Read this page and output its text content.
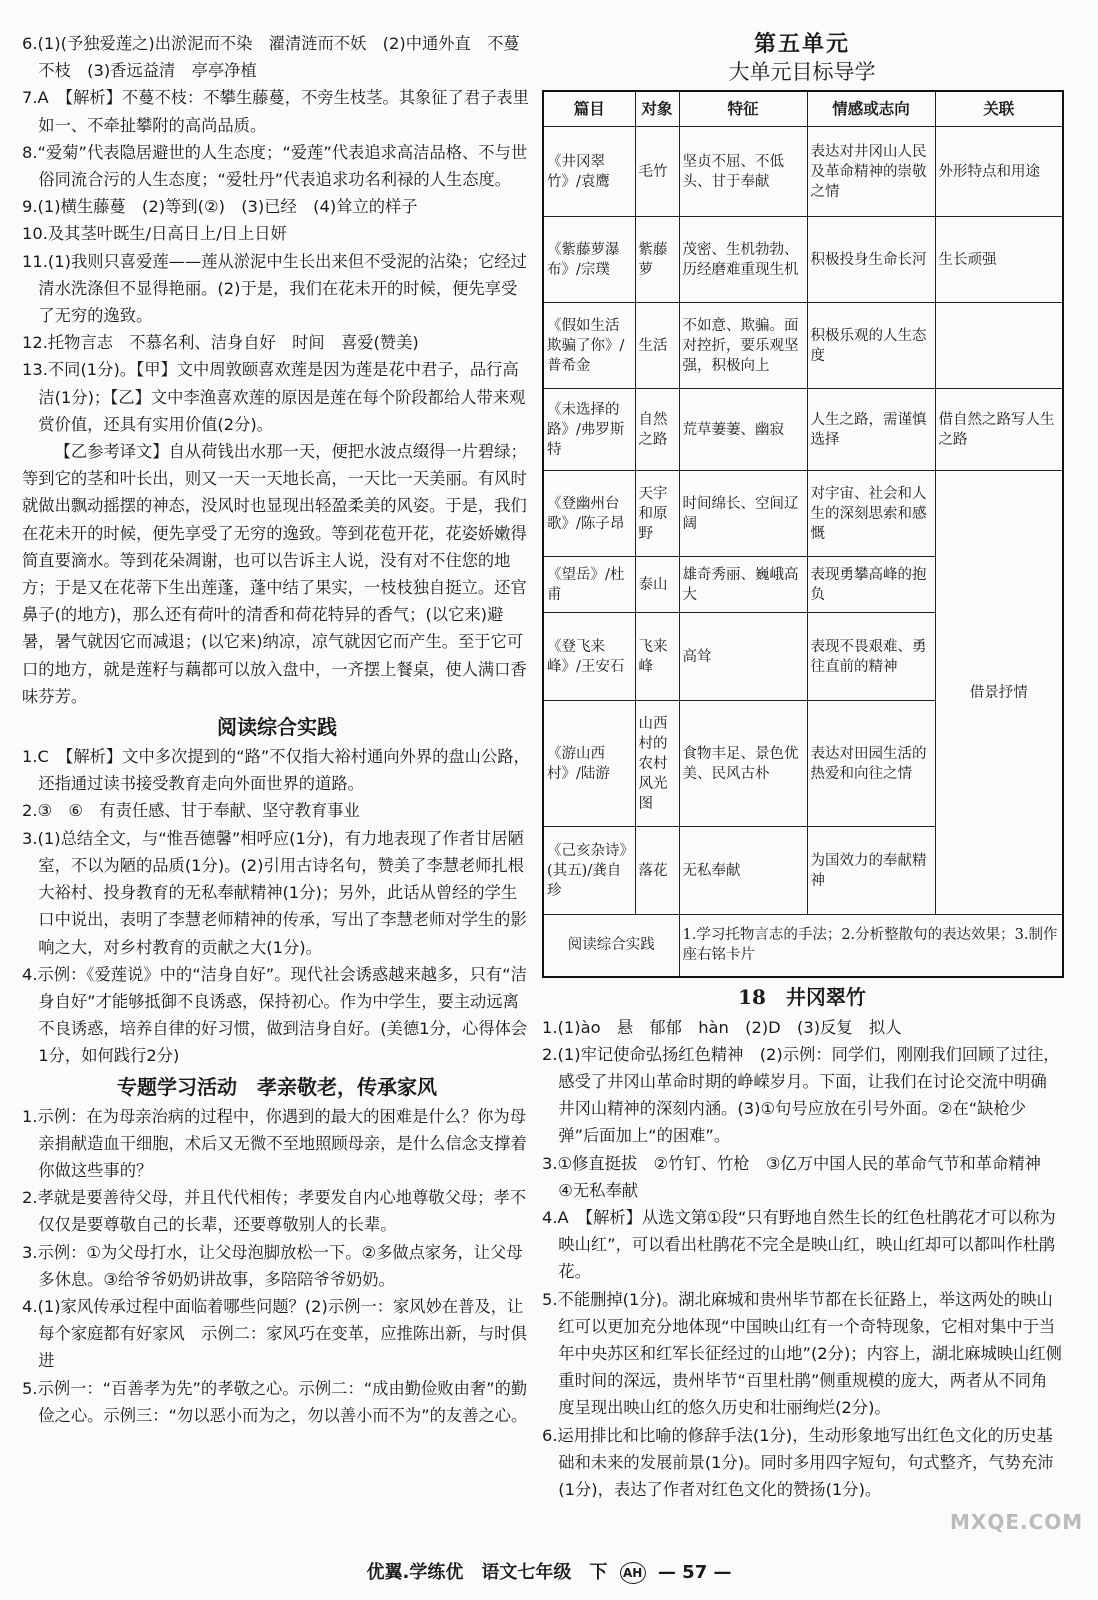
6.(1)(予独爱莲之)出淤泥而不染　濯清涟而不妖　(2)中通外直　不蔓不枝　(3)香远益清　亭亭净植

7.A　【解析】不蔓不枝：不攀生藤蔓，不旁生枝茎。其象征了君子表里如一、不牵扯攀附的高尚品质。

8.“爱菊”代表隐居避世的人生态度；“爱莲”代表追求高洁品格、不与世俗同流合污的人生态度；“爱牡丹”代表追求功名利禄的人生态度。

9.(1)横生藤蔓　(2)等到(②)　(3)已经　(4)耸立的样子

10.及其茎叶既生/日高日上/日上日妍

11.(1)我则只喜爱莲——莲从淤泥中生长出来但不受泥的沾染；它经过清水洗涤但不显得艳丽。(2)于是，我们在花未开的时候，便先享受了无穷的逸致。

12.托物言志　不慕名利、洁身自好　时间　喜爱(赞美)

13.不同(1分)。【甲】文中周敦颐喜欢莲是因为莲是花中君子，品行高洁(1分)；【乙】文中李渔喜欢莲的原因是莲在每个阶段都给人带来观赏价值，还具有实用价值(2分)。

【乙参考译文】自从荷钱出水那一天，便把水波点缀得一片碧绿；等到它的茎和叶长出，则又一天一天地长高，一天比一天美丽。有风时就做出飘动摇摆的神态，没风时也显现出轻盈柔美的风姿。于是，我们在花未开的时候，便先享受了无穷的逸致。等到花苞开花，花姿娇嫩得简直要滴水。等到花朵凋谢，也可以告诉主人说，没有对不住您的地方；于是又在花蒂下生出莲蓬，蓬中结了果实，一枝枝独自挺立。还官鼻子(的地方)，那么还有荷叶的清香和荷花特异的香气；(以它来)避暑，暑气就因它而减退；(以它来)纳凉，凉气就因它而产生。至于它可口的地方，就是莲籽与藕都可以放入盘中，一齐摆上餐桌，使人满口香味芬芳。

阅读综合实践

1.C　【解析】文中多次提到的“路”不仅指大裕村通向外界的盘山公路，还指通过读书接受教育走向外面世界的道路。

2.③　⑥　有责任感、甘于奉献、坚守教育事业

3.(1)总结全文，与“惟吾德馨”相呼应(1分)，有力地表现了作者甘居陋室，不以为陋的品质(1分)。(2)引用古诗名句，赞美了李慧老师扎根大裕村、投身教育的无私奉献精神(1分)；另外，此话从曾经的学生口中说出，表明了李慧老师精神的传承，写出了李慧老师对学生的影响之大，对乡村教育的贡献之大(1分)。

4.示例：《爱莲说》中的“洁身自好”。现代社会诱惑越来越多，只有“洁身自好”才能够抵御不良诱惑，保持初心。作为中学生，要主动远离不良诱惑，培养自律的好习惯，做到洁身自好。(美德1分，心得体会1分，如何践行2分)

专题学习活动　孝亲敬老，传承家风

1.示例：在为母亲治病的过程中，你遇到的最大的困难是什么？你为母亲捐献造血干细胞，术后又无微不至地照顾母亲，是什么信念支撑着你做这些事的？

2.孝就是要善待父母，并且代代相传；孝要发自内心地尊敬父母；孝不仅仅是要尊敬自己的长辈，还要尊敬别人的长辈。

3.示例：①为父母打水，让父母泡脚放松一下。②多做点家务，让父母多休息。③给爷爷奶奶讲故事，多陪陪爷爷奶奶。

4.(1)家风传承过程中面临着哪些问题？(2)示例一：家风妙在普及，让每个家庭都有好家风　示例二：家风巧在变革，应推陈出新，与时俱进

5.示例一：“百善孝为先”的孝敬之心。示例二：“成由勤俭败由奢”的勤俭之心。示例三：“勿以恶小而为之，勿以善小而不为”的友善之心。

第五单元
大单元目标导学
篇目	对象	特征	情感或志向	关联
《井冈翠竹》/袁鹰	毛竹	坚贞不屈、不低头、甘于奉献	表达对井冈山人民及革命精神的崇敬之情	外形特点和用途
《紫藤萝瀑布》/宗璞	紫藤萝	茂密、生机勃勃、历经磨难重现生机	积极投身生命长河	生长顽强
《假如生活欺骗了你》/普希金	生活	不如意、欺骗。面对控折，要乐观坚强，积极向上	积极乐观的人生态度	
《未选择的路》/弗罗斯特	自然之路	荒草萋萋、幽寂	人生之路，需谨慎选择	借自然之路写人生之路
《登幽州台歌》/陈子昂	天宇和原野	时间绵长、空间辽阔	对宇宙、社会和人生的深刻思索和感慨	借景抒情
《望岳》/杜甫	泰山	雄奇秀丽、巍峨高大	表现勇攀高峰的抱负	
《登飞来峰》/王安石	飞来峰	高耸	表现不畏艰难、勇往直前的精神	
《游山西村》/陆游	山西村的农村风光图	食物丰足、景色优美、民风古朴	表达对田园生活的热爱和向往之情	
《己亥杂诗》(其五)/龚自珍	落花	无私奉献	为国效力的奉献精神	
阅读综合实践		1.学习托物言志的手法；2.分析整散句的表达效果；3.制作座右铭卡片		
18　井冈翠竹

1.(1)ào　悬　郁郁　hàn　(2)D　(3)反复　拟人

2.(1)牢记使命弘扬红色精神　(2)示例：同学们，刚刚我们回顾了过往，感受了井冈山革命时期的峥嵘岁月。下面，让我们在讨论交流中明确井冈山精神的深刻内涵。(3)①句号应放在引号外面。②在“缺枪少弹”后面加上“的困难”。

3.①修直挺拔　②竹钉、竹枪　③亿万中国人民的革命气节和革命精神　④无私奉献

4.A　【解析】从选文第①段“只有野地自然生长的红色杜鹃花才可以称为映山红”，可以看出杜鹃花不完全是映山红，映山红却可以都叫作杜鹃花。

5.不能删掉(1分)。湖北麻城和贵州毕节都在长征路上，举这两处的映山红可以更加充分地体现“中国映山红有一个奇特现象，它相对集中于当年中央苏区和红军长征经过的山地”(2分)；内容上，湖北麻城映山红侧重时间的深远，贵州毕节“百里杜鹃”侧重规模的庞大，两者从不同角度呈现出映山红的悠久历史和壮丽绚烂(2分)。

6.运用排比和比喻的修辞手法(1分)，生动形象地写出红色文化的历史基础和未来的发展前景(1分)。同时多用四字短句，句式整齐，气势充沛(1分)，表达了作者对红色文化的赞扬(1分)。

优翼.学练优　语文七年级　下 AH — 57 —
MXQE.COM
